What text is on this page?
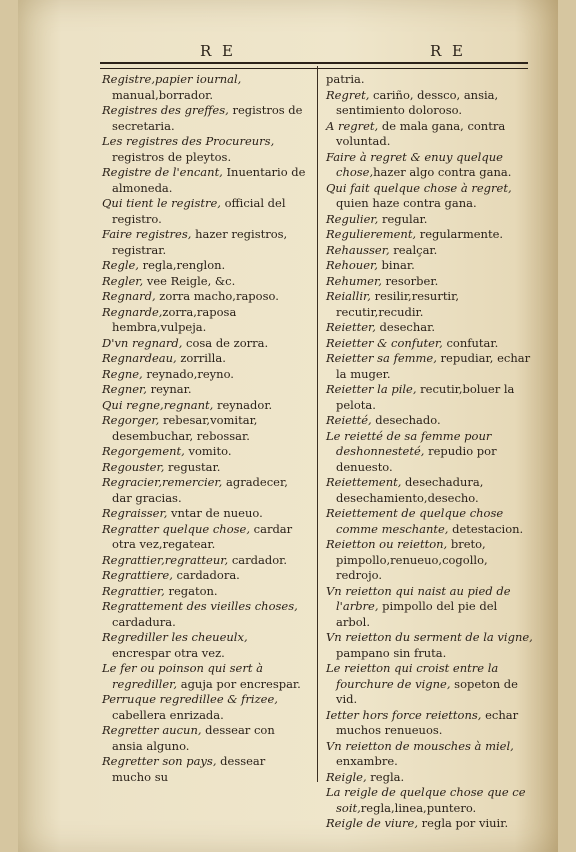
R E	R E

Registre,papier iournal, manual,borrador.

Registres des greffes, registros de secretaria.

Les registres des Procureurs, registros de pleytos.

Registre de l'encant, Inuentario de almoneda.

Qui tient le registre, official del registro.

Faire registres, hazer registros, registrar.

Regle, regla,renglon.

Regler, vee Reigle, &c.

Regnard, zorra macho,raposo.

Regnarde,zorra,raposa hembra,vulpeja.

D'vn regnard, cosa de zorra.

Regnardeau, zorrilla.

Regne, reynado,reyno.

Regner, reynar.

Qui regne,regnant, reynador.

Regorger, rebesar,vomitar, desembuchar, rebossar.

Regorgement, vomito.

Regouster, regustar.

Regracier,remercier, agradecer, dar gracias.

Regraisser, vntar de nueuo.

Regratter quelque chose, cardar otra vez,regatear.

Regrattier,regratteur, cardador.

Regrattiere, cardadora.

Regrattier, regaton.

Regrattement des vieilles choses, cardadura.

Regrediller les cheueulx, encrespar otra vez.

Le fer ou poinson qui sert à regrediller, aguja por encrespar.

Perruque regredillee & frizee, cabellera enrizada.

Regretter aucun, dessear con ansia alguno.

Regretter son pays, dessear mucho su

patria.

Regret, cariño, dessco, ansia, sentimiento doloroso.

A regret, de mala gana, contra voluntad.

Faire à regret & enuy quelque chose,hazer algo contra gana.

Qui fait quelque chose à regret, quien haze contra gana.

Regulier, regular.

Regulierement, regularmente.

Rehausser, realçar.

Rehouer, binar.

Rehumer, resorber.

Reiallir, resilir,resurtir, recutir,recudir.

Reietter, desechar.

Reietter & confuter, confutar.

Reietter sa femme, repudiar, echar la muger.

Reietter la pile, recutir,boluer la pelota.

Reietté, desechado.

Le reietté de sa femme pour deshonnesteté, repudio por denuesto.

Reiettement, desechadura, desechamiento,desecho.

Reiettement de quelque chose comme meschante, detestacion.

Reietton ou reietton, breto, pimpollo,renueuo,cogollo, redrojo.

Vn reietton qui naist au pied de l'arbre, pimpollo del pie del arbol.

Vn reietton du serment de la vigne, pampano sin fruta.

Le reietton qui croist entre la fourchure de vigne, sopeton de vid.

Ietter hors force reiettons, echar muchos renueuos.

Vn reietton de mousches à miel, enxambre.

Reigle, regla.

La reigle de quelque chose que ce soit,regla,linea,puntero.

Reigle de viure, regla por viuir.
